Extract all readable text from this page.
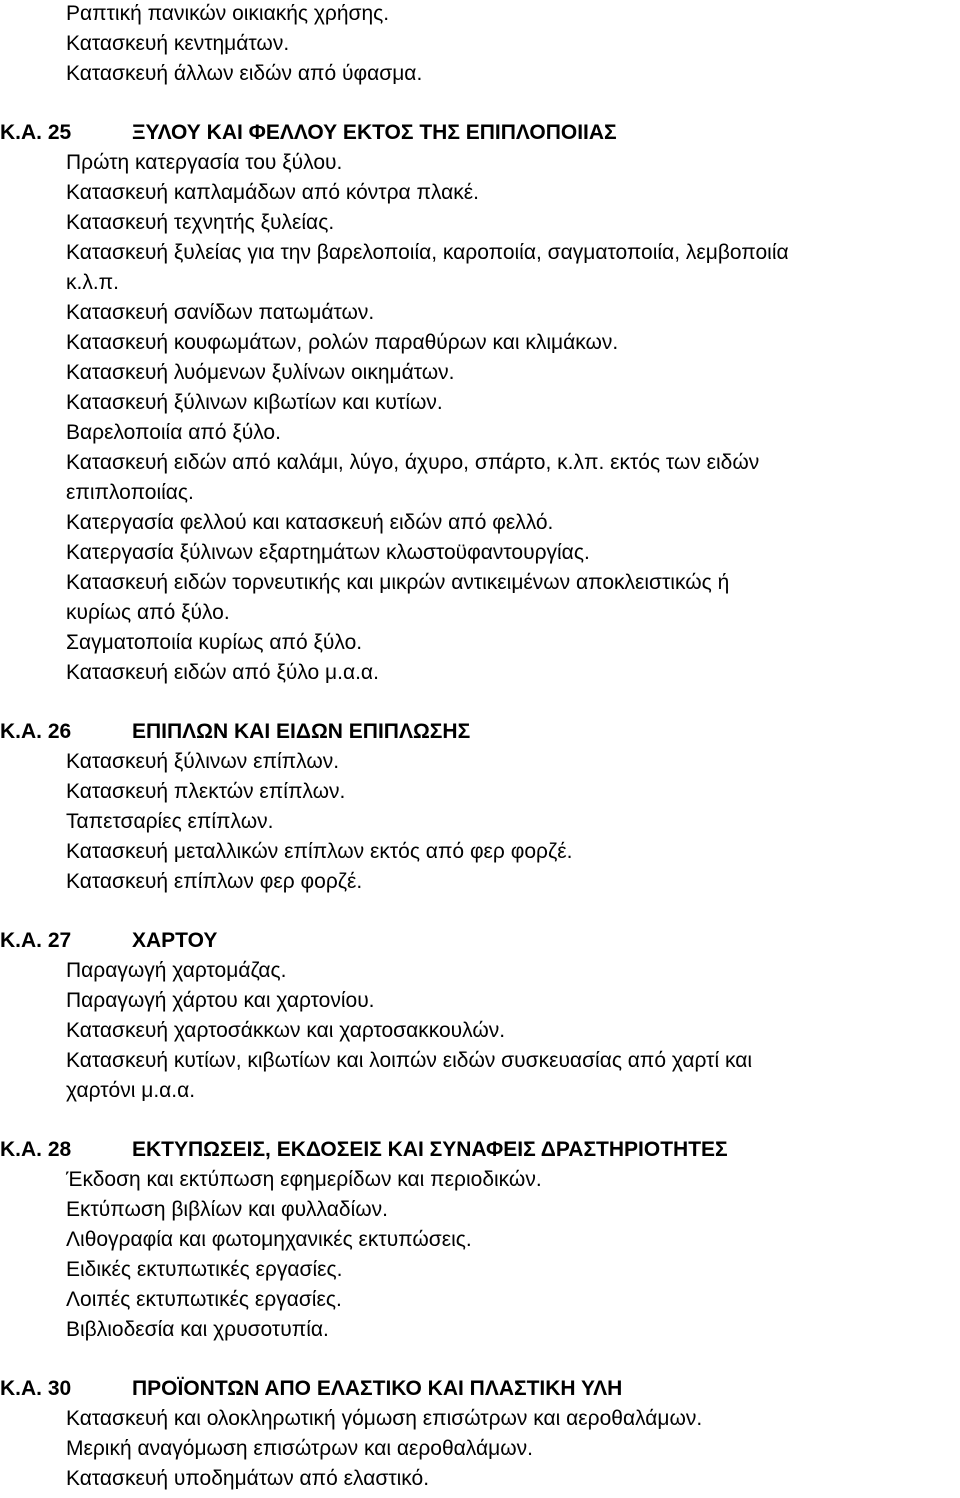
Ραπτική πανικών οικιακής χρήσης.
Κατασκευή κεντημάτων.
Κατασκευή άλλων ειδών από ύφασμα.
Κ.Α. 25	ΞΥΛΟΥ ΚΑΙ ΦΕΛΛΟΥ ΕΚΤΟΣ ΤΗΣ ΕΠΙΠΛΟΠΟΙΙΑΣ
Πρώτη κατεργασία του ξύλου.
Κατασκευή καπλαμάδων από κόντρα πλακέ.
Κατασκευή τεχνητής ξυλείας.
Κατασκευή ξυλείας για την βαρελοποιία, καροποιία, σαγματοποιία, λεμβοποιία
κ.λ.π.
Κατασκευή σανίδων πατωμάτων.
Κατασκευή κουφωμάτων, ρολών παραθύρων και κλιμάκων.
Κατασκευή λυόμενων ξυλίνων οικημάτων.
Κατασκευή ξύλινων κιβωτίων και κυτίων.
Βαρελοποιία από ξύλο.
Κατασκευή ειδών από καλάμι, λύγο, άχυρο, σπάρτο, κ.λπ. εκτός των ειδών
επιπλοποιίας.
Κατεργασία φελλού και κατασκευή ειδών από φελλό.
Κατεργασία ξύλινων εξαρτημάτων κλωστοϋφαντουργίας.
Κατασκευή ειδών τορνευτικής και μικρών αντικειμένων αποκλειστικώς ή
κυρίως από ξύλο.
Σαγματοποιία κυρίως από ξύλο.
Κατασκευή ειδών από ξύλο μ.α.α.
Κ.Α. 26	ΕΠΙΠΛΩΝ ΚΑΙ ΕΙΔΩΝ ΕΠΙΠΛΩΣΗΣ
Κατασκευή ξύλινων επίπλων.
Κατασκευή πλεκτών επίπλων.
Ταπετσαρίες επίπλων.
Κατασκευή μεταλλικών επίπλων εκτός από φερ φορζέ.
Κατασκευή επίπλων φερ φορζέ.
Κ.Α. 27	ΧΑΡΤΟΥ
Παραγωγή χαρτομάζας.
Παραγωγή χάρτου και χαρτονίου.
Κατασκευή χαρτοσάκκων και χαρτοσακκουλών.
Κατασκευή κυτίων, κιβωτίων και λοιπών ειδών συσκευασίας από χαρτί και
χαρτόνι μ.α.α.
Κ.Α. 28	ΕΚΤΥΠΩΣΕΙΣ, ΕΚΔΟΣΕΙΣ ΚΑΙ ΣΥΝΑΦΕΙΣ ΔΡΑΣΤΗΡΙΟΤΗΤΕΣ
Έκδοση και εκτύπωση εφημερίδων και περιοδικών.
Εκτύπωση βιβλίων και φυλλαδίων.
Λιθογραφία και φωτομηχανικές εκτυπώσεις.
Ειδικές εκτυπωτικές εργασίες.
Λοιπές εκτυπωτικές εργασίες.
Βιβλιοδεσία και χρυσοτυπία.
Κ.Α. 30	ΠΡΟΪΟΝΤΩΝ ΑΠΟ ΕΛΑΣΤΙΚΟ ΚΑΙ ΠΛΑΣΤΙΚΗ ΥΛΗ
Κατασκευή και ολοκληρωτική γόμωση επισώτρων και αεροθαλάμων.
Μερική αναγόμωση επισώτρων και αεροθαλάμων.
Κατασκευή υποδημάτων από ελαστικό.
